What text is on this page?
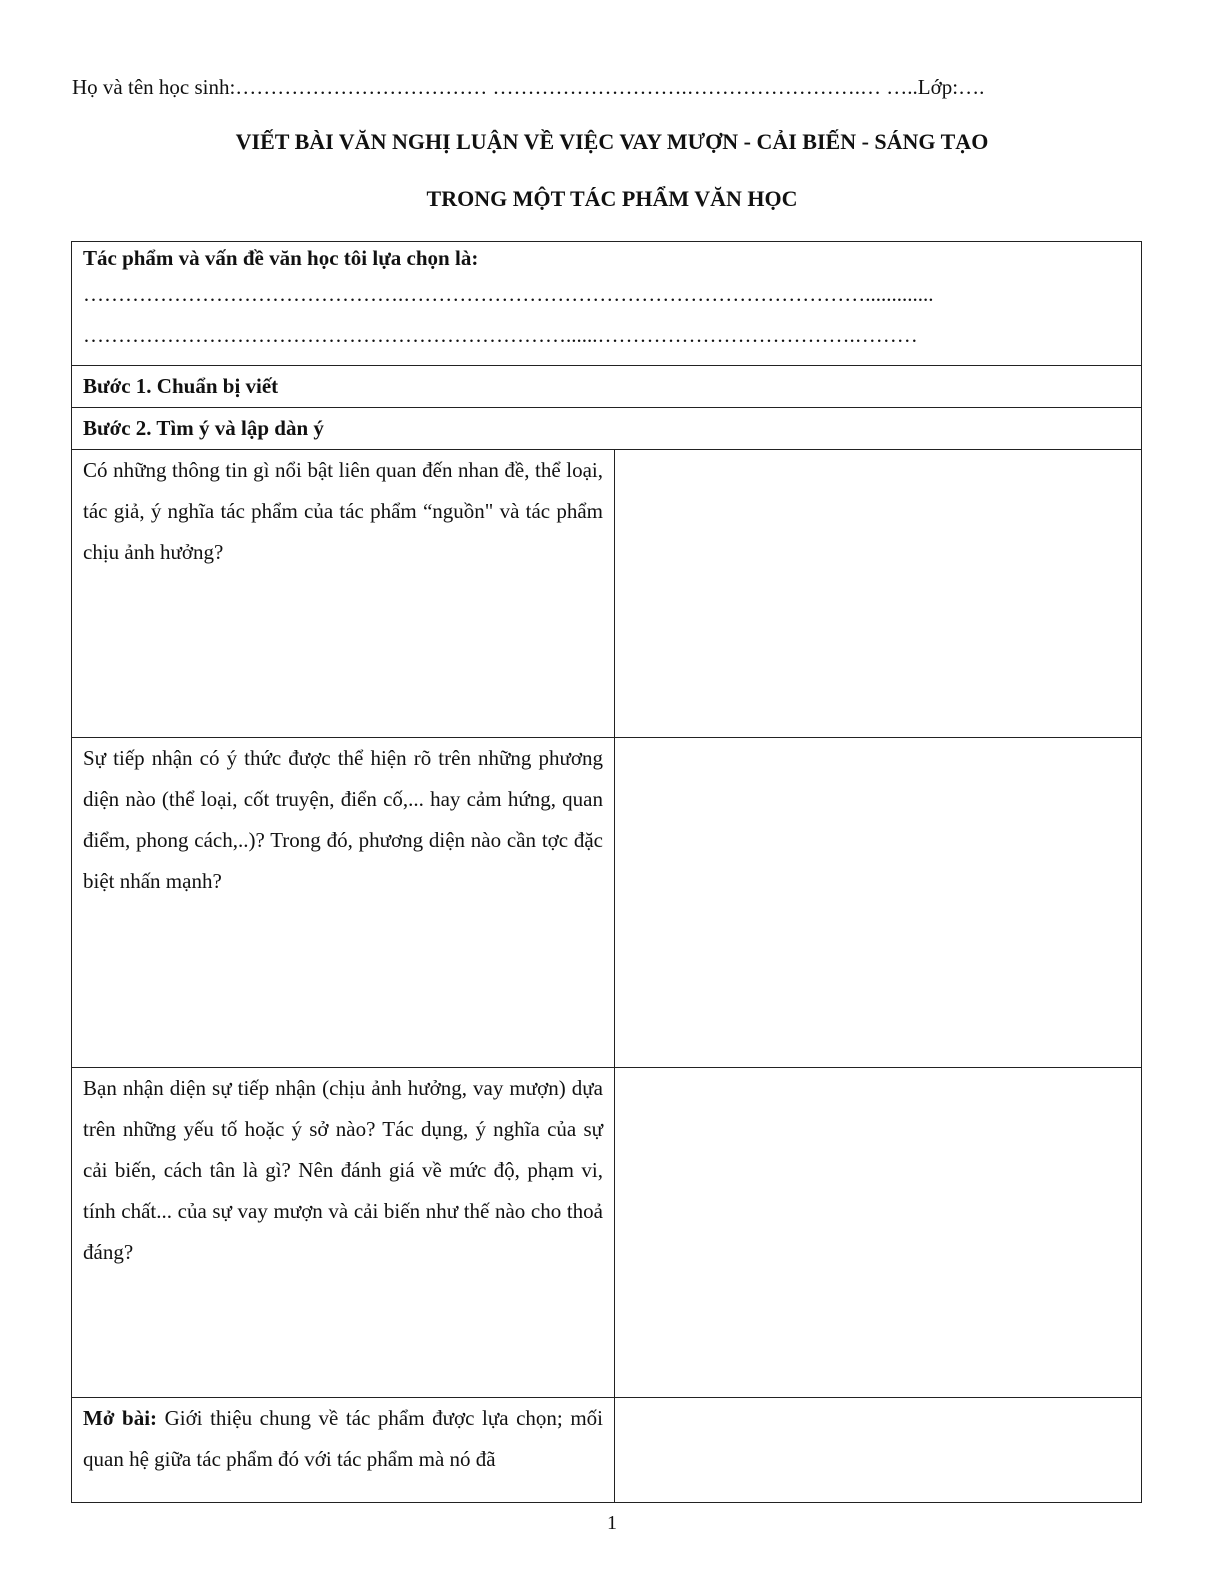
Họ và tên học sinh:……………………………… ……………………….…………………….… …..Lớp:….
VIẾT BÀI VĂN NGHỊ LUẬN VỀ VIỆC VAY MƯỢN - CẢI BIẾN - SÁNG TẠO
TRONG MỘT TÁC PHẨM VĂN HỌC
Tác phẩm và vấn đề văn học tôi lựa chọn là:
……………………………………….………………………………………………………….............
……………………………………………………………......……………………………….………	

Bước 1. Chuẩn bị viết	
Bước 2. Tìm ý và lập dàn ý	
Có những thông tin gì nổi bật liên quan đến nhan đề, thể loại, tác giả, ý nghĩa tác phẩm của tác phẩm “nguồn" và tác phẩm chịu ảnh hưởng?	
Sự tiếp nhận có ý thức được thể hiện rõ trên những phương diện nào (thể loại, cốt truyện, điển cố,... hay cảm hứng, quan điểm, phong cách,..)? Trong đó, phương diện nào cần tợc đặc biệt nhấn mạnh?	
Bạn nhận diện sự tiếp nhận (chịu ảnh hưởng, vay mượn) dựa trên những yếu tố hoặc ý sở nào? Tác dụng, ý nghĩa của sự cải biến, cách tân là gì? Nên đánh giá về mức độ, phạm vi, tính chất... của sự vay mượn và cải biến như thế nào cho thoả đáng?	
Mở bài: Giới thiệu chung về tác phẩm được lựa chọn; mối quan hệ giữa tác phẩm đó với tác phẩm mà nó đã	
1
